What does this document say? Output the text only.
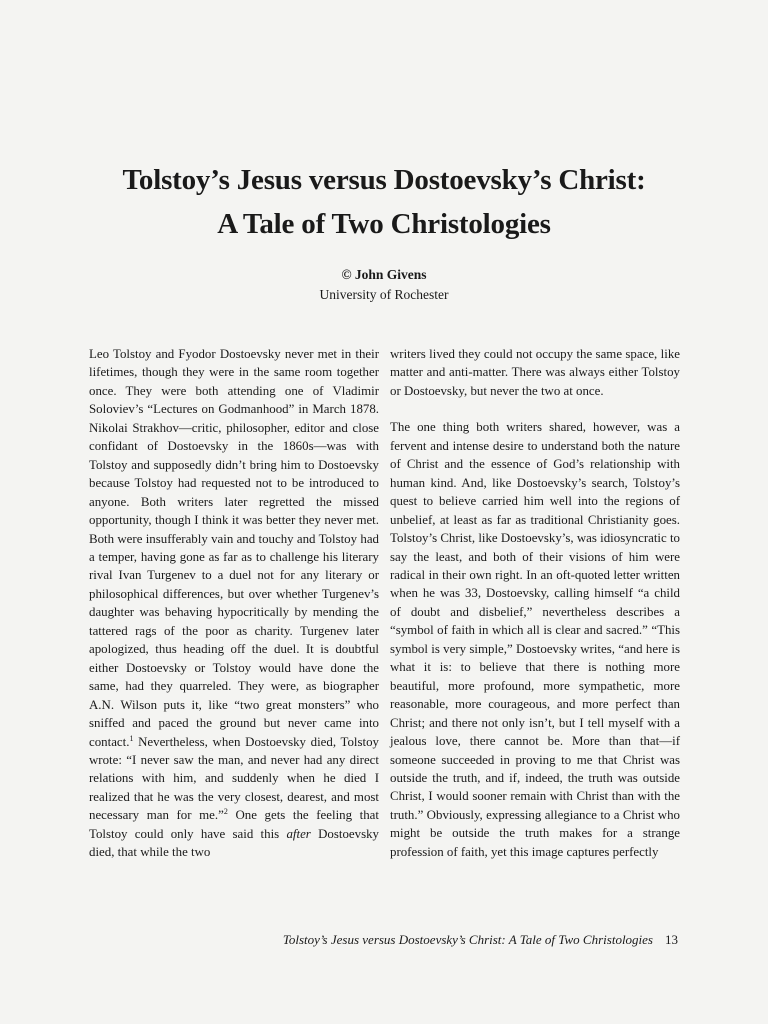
Tolstoy’s Jesus versus Dostoevsky’s Christ:
A Tale of Two Christologies
© John Givens
University of Rochester

Leo Tolstoy and Fyodor Dostoevsky never met in their lifetimes, though they were in the same room together once. They were both attending one of Vladimir Soloviev’s “Lectures on Godmanhood” in March 1878. Nikolai Strakhov—critic, philosopher, editor and close confidant of Dostoevsky in the 1860s—was with Tolstoy and supposedly didn’t bring him to Dostoevsky because Tolstoy had requested not to be introduced to anyone. Both writers later regretted the missed opportunity, though I think it was better they never met. Both were insufferably vain and touchy and Tolstoy had a temper, having gone as far as to challenge his literary rival Ivan Turgenev to a duel not for any literary or philosophical differences, but over whether Turgenev’s daughter was behaving hypocritically by mending the tattered rags of the poor as charity. Turgenev later apologized, thus heading off the duel. It is doubtful either Dostoevsky or Tolstoy would have done the same, had they quarreled. They were, as biographer A.N. Wilson puts it, like “two great monsters” who sniffed and paced the ground but never came into contact.$^1$ Nevertheless, when Dostoevsky died, Tolstoy wrote: “I never saw the man, and never had any direct relations with him, and suddenly when he died I realized that he was the very closest, dearest, and most necessary man for me.”$^2$ One gets the feeling that Tolstoy could only have said this after Dostoevsky died, that while the two

writers lived they could not occupy the same space, like matter and anti-matter. There was always either Tolstoy or Dostoevsky, but never the two at once.

The one thing both writers shared, however, was a fervent and intense desire to understand both the nature of Christ and the essence of God’s relationship with human kind. And, like Dostoevsky’s search, Tolstoy’s quest to believe carried him well into the regions of unbelief, at least as far as traditional Christianity goes. Tolstoy’s Christ, like Dostoevsky’s, was idiosyncratic to say the least, and both of their visions of him were radical in their own right. In an oft-quoted letter written when he was 33, Dostoevsky, calling himself “a child of doubt and disbelief,” nevertheless describes a “symbol of faith in which all is clear and sacred.” “This symbol is very simple,” Dostoevsky writes, “and here is what it is: to believe that there is nothing more beautiful, more profound, more sympathetic, more reasonable, more courageous, and more perfect than Christ; and there not only isn’t, but I tell myself with a jealous love, there cannot be. More than that—if someone succeeded in proving to me that Christ was outside the truth, and if, indeed, the truth was outside Christ, I would sooner remain with Christ than with the truth.” Obviously, expressing allegiance to a Christ who might be outside the truth makes for a strange profession of faith, yet this image captures perfectly

Tolstoy’s Jesus versus Dostoevsky’s Christ: A Tale of Two Christologies 13
